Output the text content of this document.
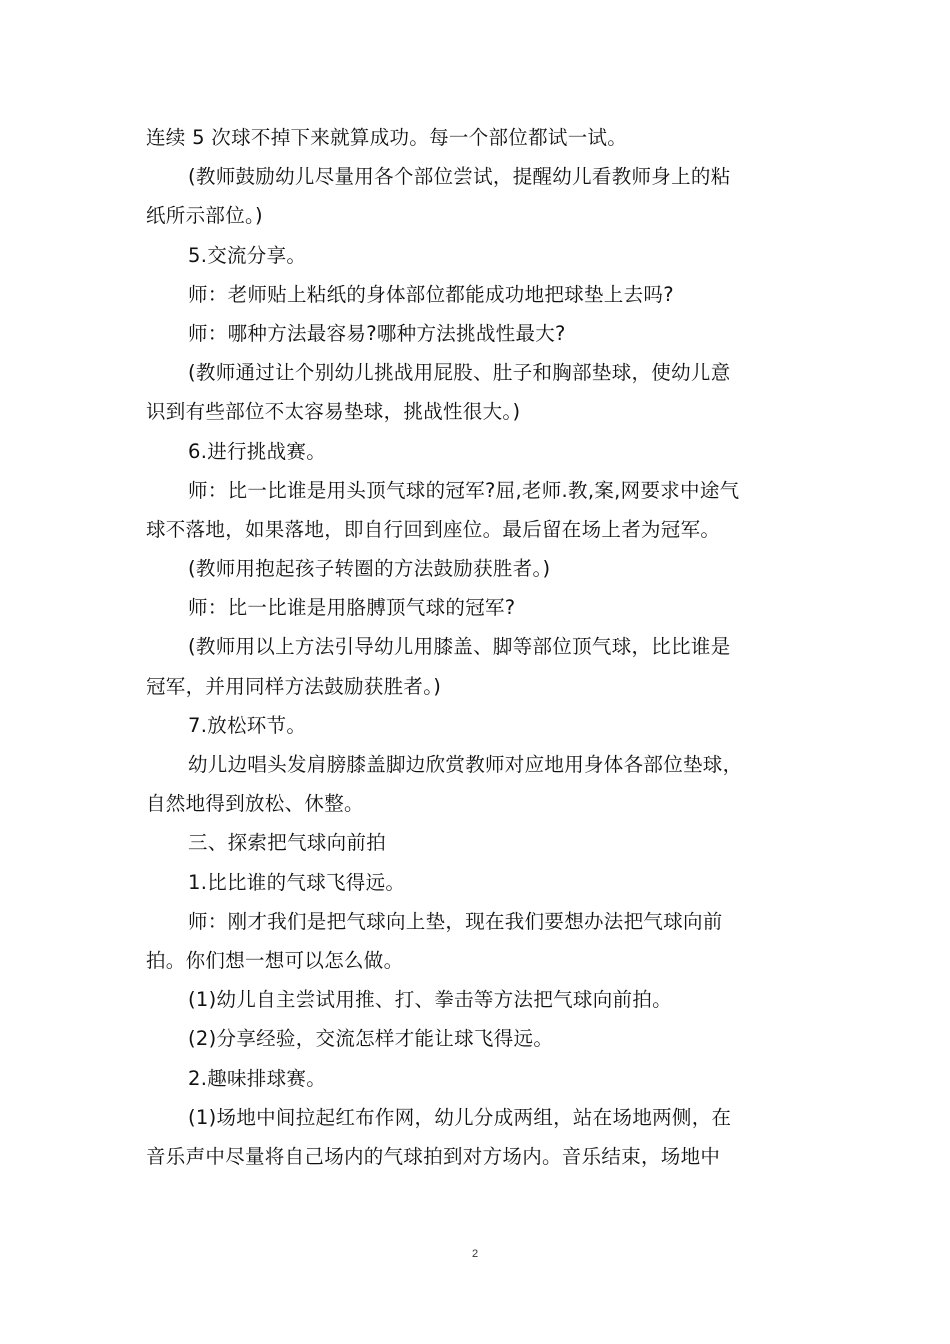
连续 5 次球不掉下来就算成功。每一个部位都试一试。
(教师鼓励幼儿尽量用各个部位尝试，提醒幼儿看教师身上的粘
纸所示部位。)
5.交流分享。
师：老师贴上粘纸的身体部位都能成功地把球垫上去吗?
师：哪种方法最容易?哪种方法挑战性最大?
(教师通过让个别幼儿挑战用屁股、肚子和胸部垫球，使幼儿意
识到有些部位不太容易垫球，挑战性很大。)
6.进行挑战赛。
师：比一比谁是用头顶气球的冠军?屈,老师.教,案,网要求中途气
球不落地，如果落地，即自行回到座位。最后留在场上者为冠军。
(教师用抱起孩子转圈的方法鼓励获胜者。)
师：比一比谁是用胳膊顶气球的冠军?
(教师用以上方法引导幼儿用膝盖、脚等部位顶气球，比比谁是
冠军，并用同样方法鼓励获胜者。)
7.放松环节。
幼儿边唱头发肩膀膝盖脚边欣赏教师对应地用身体各部位垫球，
自然地得到放松、休整。
三、探索把气球向前拍
1.比比谁的气球飞得远。
师：刚才我们是把气球向上垫，现在我们要想办法把气球向前
拍。你们想一想可以怎么做。
(1)幼儿自主尝试用推、打、拳击等方法把气球向前拍。
(2)分享经验，交流怎样才能让球飞得远。
2.趣味排球赛。
(1)场地中间拉起红布作网，幼儿分成两组，站在场地两侧，在
音乐声中尽量将自己场内的气球拍到对方场内。音乐结束，场地中
2
